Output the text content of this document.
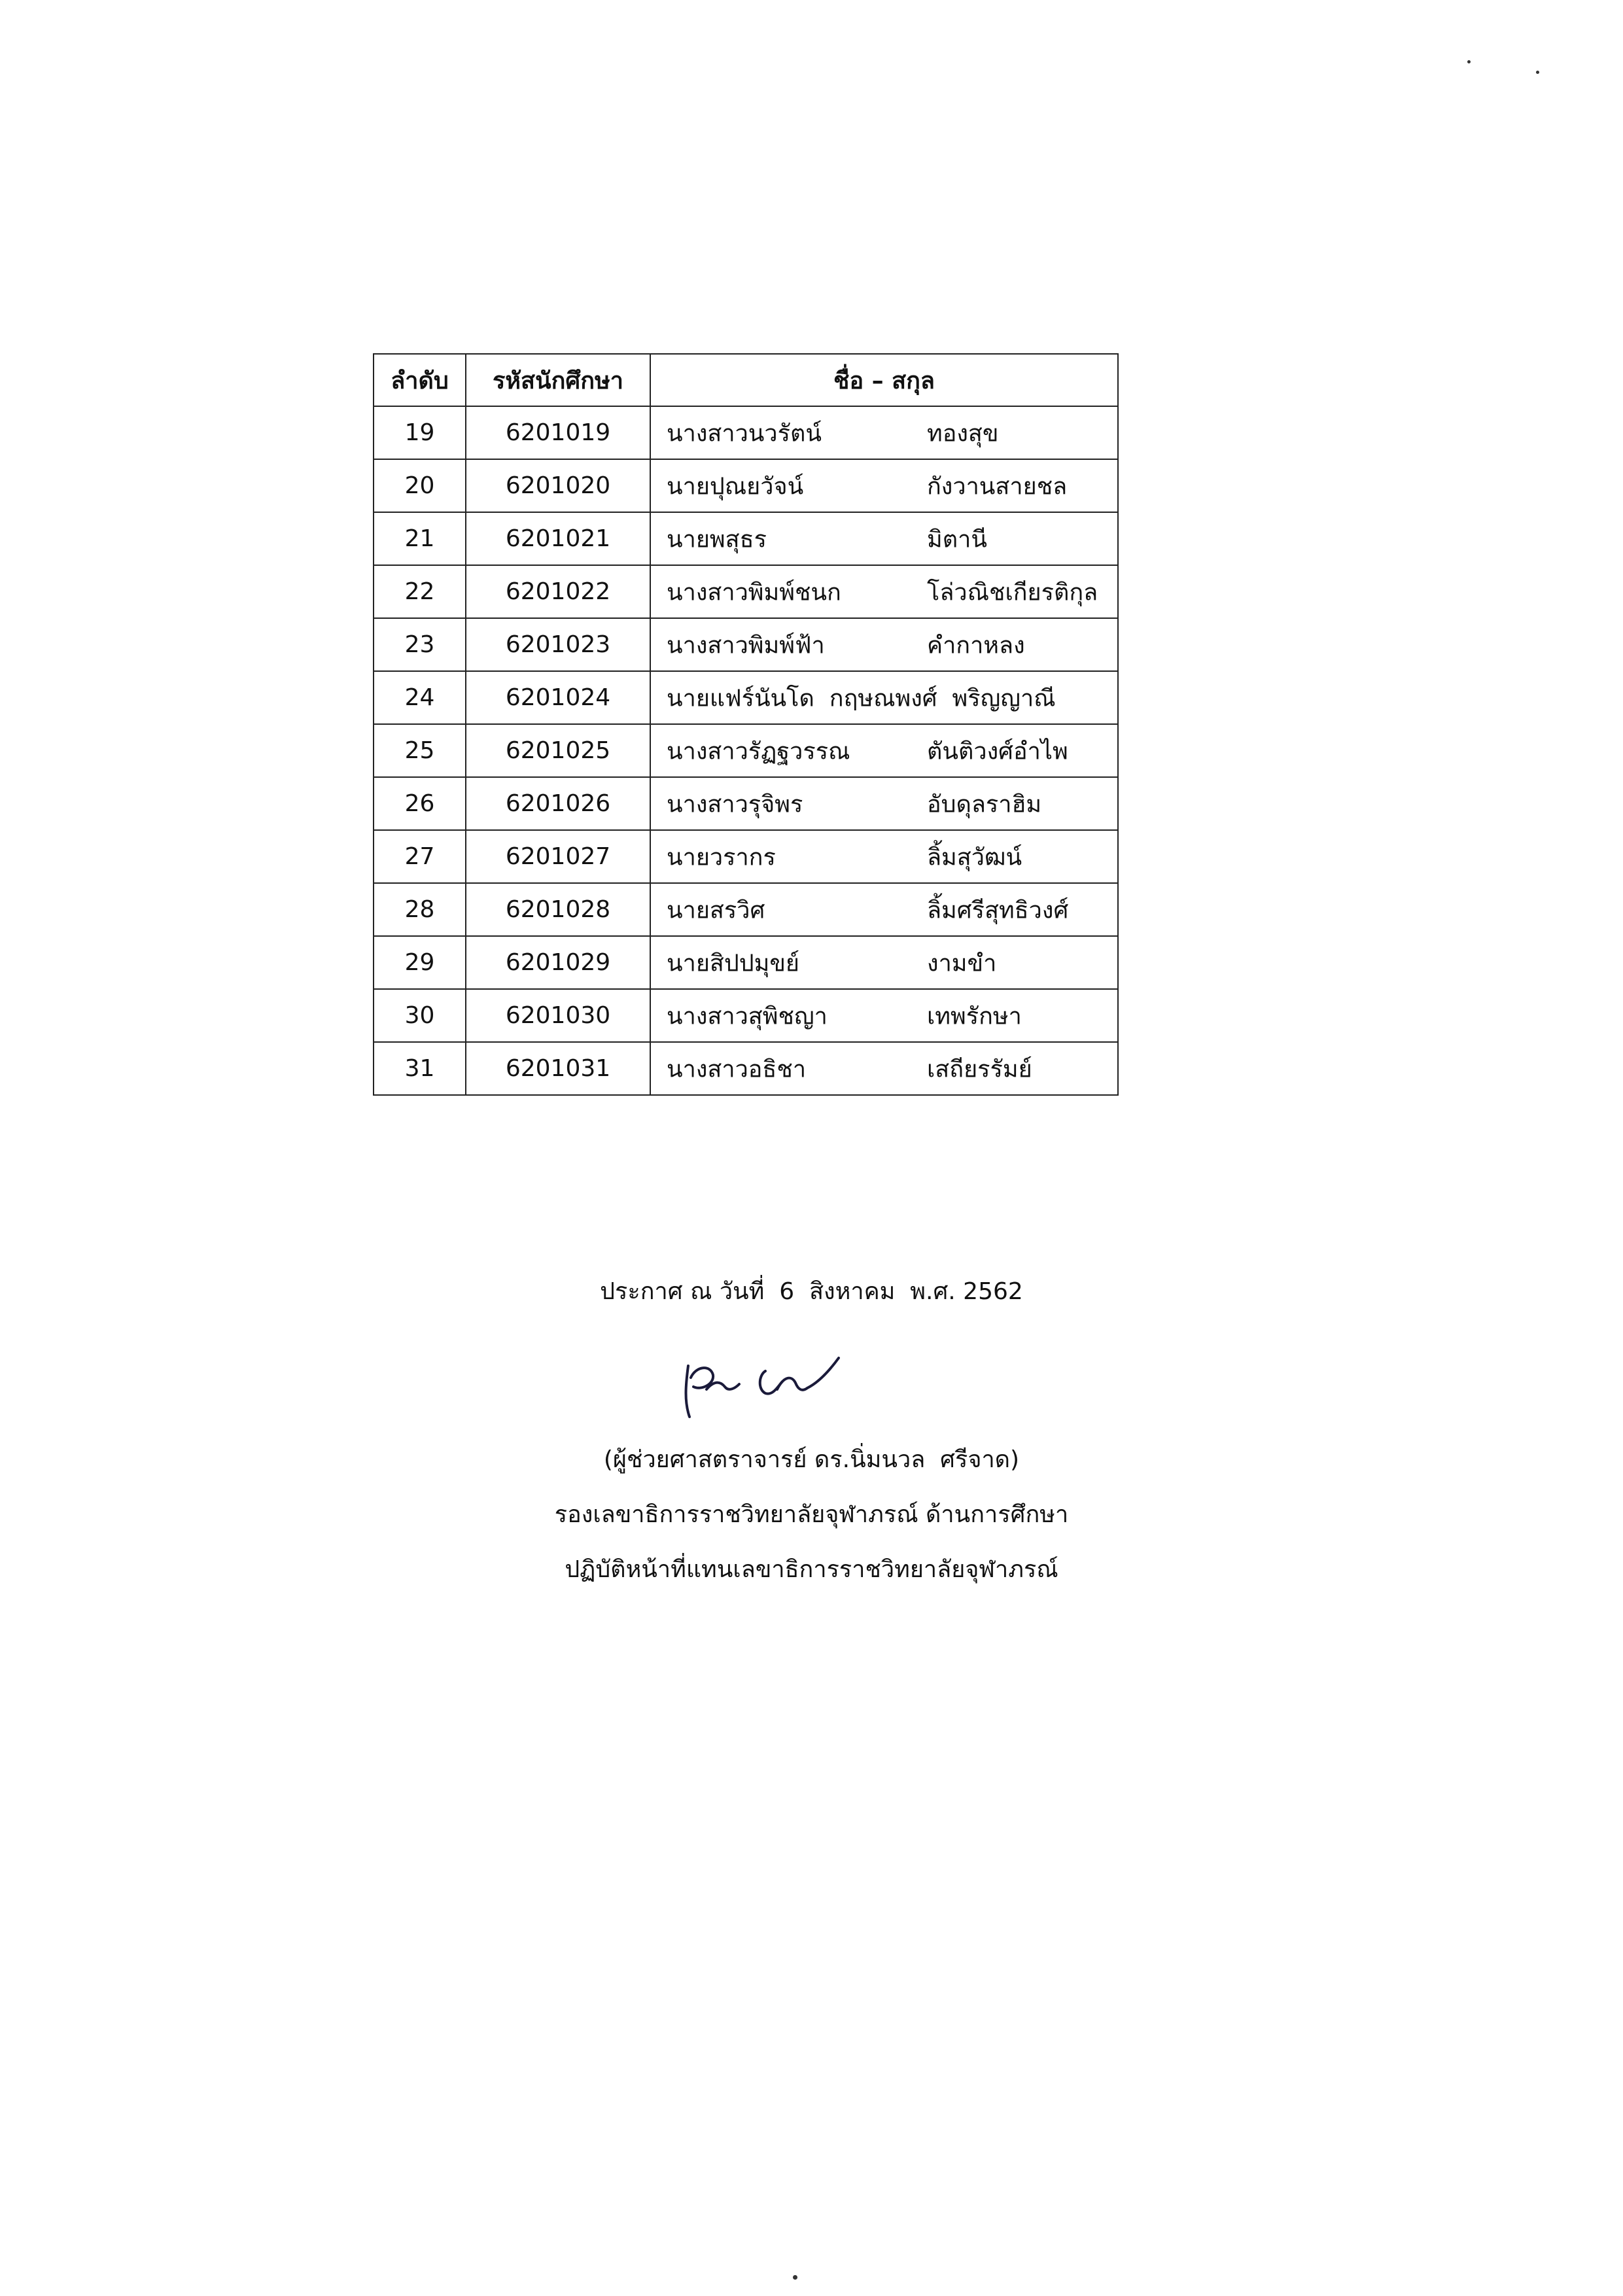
ลำดับ	รหัสนักศึกษา	ชื่อ – สกุล
19	6201019	นางสาวนวรัตน์ ทองสุข

20	6201020	นายปุณยวัจน์ กังวานสายชล

21	6201021	นายพสุธร มิตานี

22	6201022	นางสาวพิมพ์ชนก โล่วณิชเกียรติกุล

23	6201023	นางสาวพิมพ์ฟ้า คำกาหลง

24	6201024	นายแฟร์นันโด  กฤษณพงศ์  พริญญาณี

25	6201025	นางสาวรัฏฐวรรณ ตันติวงศ์อำไพ

26	6201026	นางสาวรุจิพร อับดุลราฮิม

27	6201027	นายวรากร ลิ้มสุวัฒน์

28	6201028	นายสรวิศ ลิ้มศรีสุทธิวงศ์

29	6201029	นายสิปปมุขย์ งามขำ

30	6201030	นางสาวสุพิชญา เทพรักษา

31	6201031	นางสาวอธิชา เสถียรรัมย์
ประกาศ ณ วันที่  6  สิงหาคม  พ.ศ. 2562
(ผู้ช่วยศาสตราจารย์ ดร.นิ่มนวล  ศรีจาด)
รองเลขาธิการราชวิทยาลัยจุฬาภรณ์ ด้านการศึกษา
ปฏิบัติหน้าที่แทนเลขาธิการราชวิทยาลัยจุฬาภรณ์
